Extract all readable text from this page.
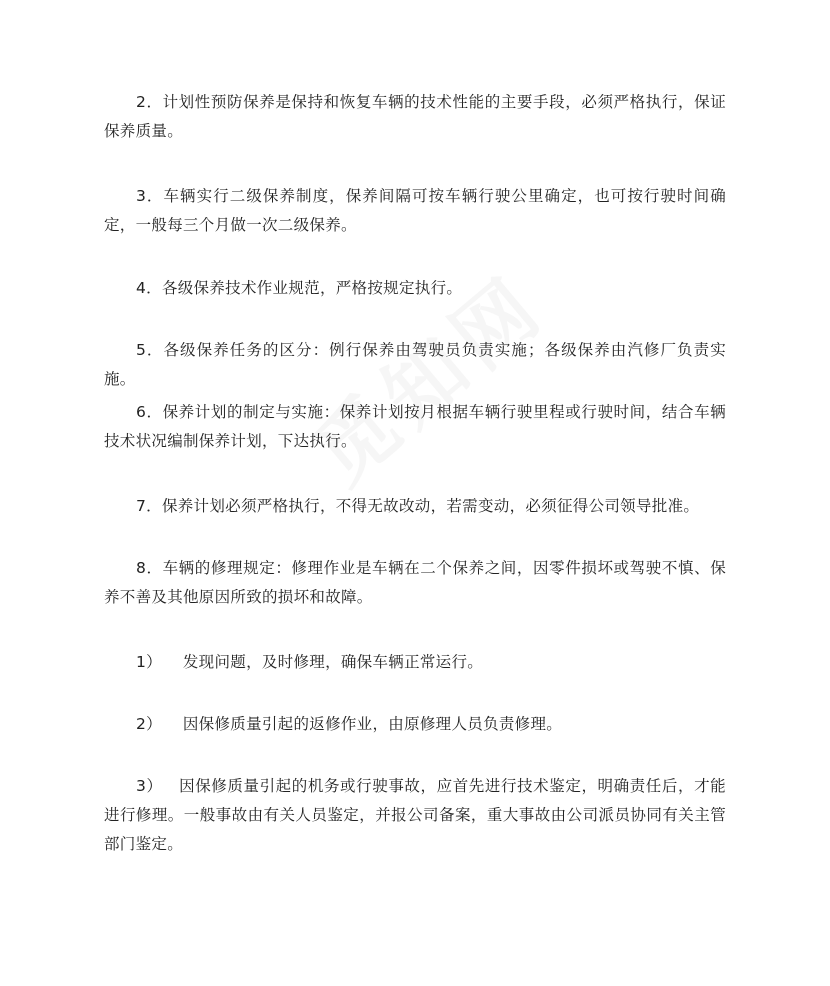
2．计划性预防保养是保持和恢复车辆的技术性能的主要手段，必须严格执行，保证保养质量。

3．车辆实行二级保养制度，保养间隔可按车辆行驶公里确定，也可按行驶时间确定，一般每三个月做一次二级保养。

4．各级保养技术作业规范，严格按规定执行。

5．各级保养任务的区分：例行保养由驾驶员负责实施；各级保养由汽修厂负责实施。

6．保养计划的制定与实施：保养计划按月根据车辆行驶里程或行驶时间，结合车辆技术状况编制保养计划，下达执行。

7．保养计划必须严格执行，不得无故改动，若需变动，必须征得公司领导批准。

8．车辆的修理规定：修理作业是车辆在二个保养之间，因零件损坏或驾驶不慎、保养不善及其他原因所致的损坏和故障。

1）    发现问题，及时修理，确保车辆正常运行。

2）    因保修质量引起的返修作业，由原修理人员负责修理。

3）   因保修质量引起的机务或行驶事故，应首先进行技术鉴定，明确责任后，才能进行修理。一般事故由有关人员鉴定，并报公司备案，重大事故由公司派员协同有关主管部门鉴定。
